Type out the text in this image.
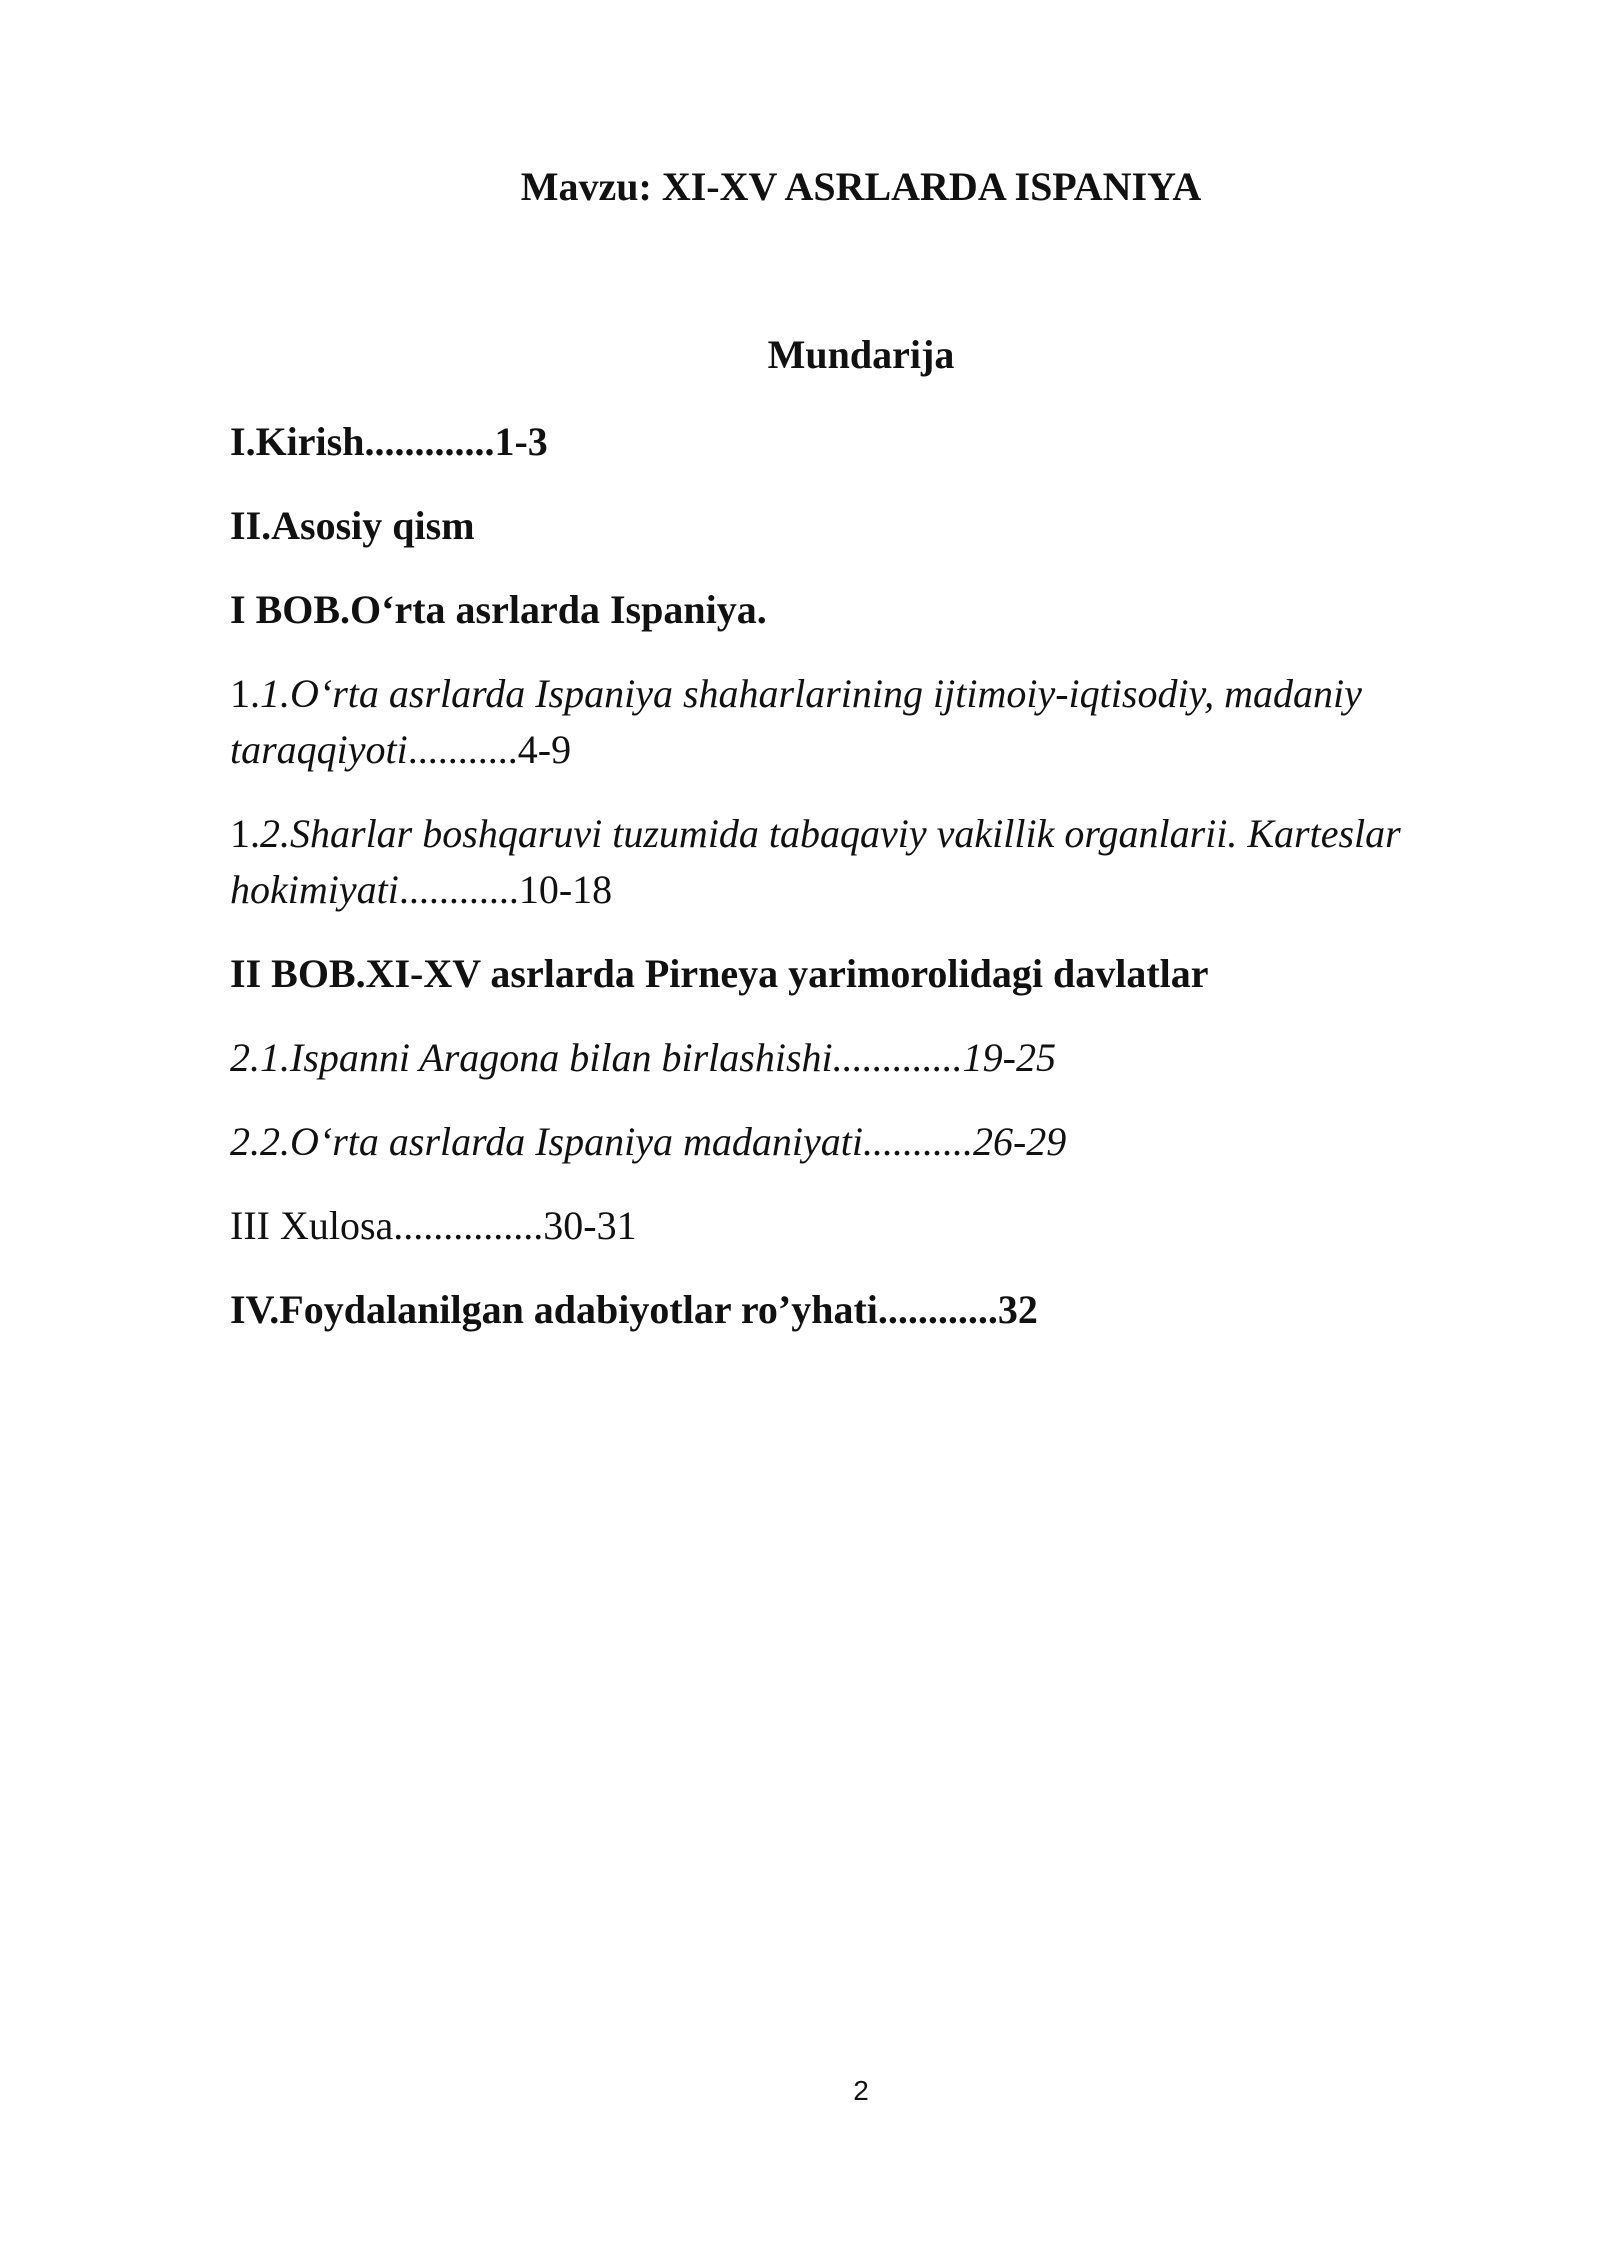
Mavzu: XI-XV ASRLARDA ISPANIYA
Mundarija
I.Kirish.............1-3
II.Asosiy qism
I BOB.O‘rta asrlarda Ispaniya.
1.1.O‘rta asrlarda Ispaniya shaharlarining ijtimoiy-iqtisodiy, madaniy taraqqiyoti...........4-9
1.2.Sharlar boshqaruvi tuzumida tabaqaviy vakillik organlarii. Karteslar hokimiyati............10-18
II BOB.XI-XV asrlarda Pirneya yarimorolidagi davlatlar
2.1.Ispanni Aragona bilan birlashishi.............19-25
2.2.O‘rta asrlarda Ispaniya madaniyati...........26-29
III Xulosa...............30-31
IV.Foydalanilgan adabiyotlar ro’yhati............32
2
